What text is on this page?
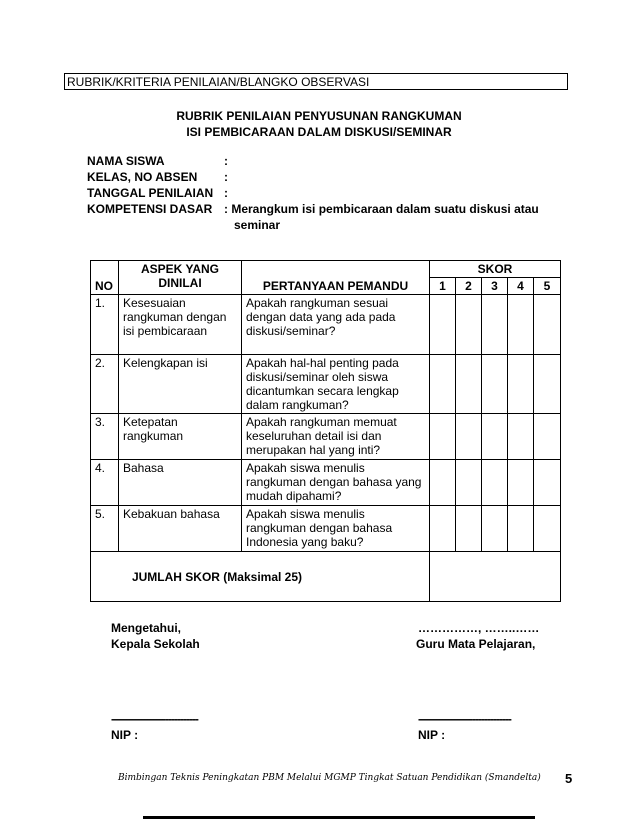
RUBRIK/KRITERIA PENILAIAN/BLANGKO OBSERVASI
RUBRIK PENILAIAN PENYUSUNAN RANGKUMAN
ISI PEMBICARAAN DALAM DISKUSI/SEMINAR
NAMA SISWA	:
KELAS, NO ABSEN :
TANGGAL PENILAIAN :
KOMPETENSI DASAR : Merangkum isi pembicaraan dalam suatu diskusi atau
seminar
NO	ASPEK YANG DINILAI	PERTANYAAN PEMANDU	SKOR				
			1	2	3	4	5
1.	Kesesuaian rangkuman dengan isi pembicaraan	Apakah rangkuman sesuai dengan data yang ada pada diskusi/seminar?					
2.	Kelengkapan isi	Apakah hal-hal penting pada diskusi/seminar oleh siswa dicantumkan secara lengkap dalam rangkuman?					
3.	Ketepatan rangkuman	Apakah rangkuman memuat keseluruhan detail isi dan merupakan hal yang inti?					
4.	Bahasa	Apakah siswa menulis rangkuman dengan bahasa yang mudah dipahami?					
5.	Kebakuan bahasa	Apakah siswa menulis rangkuman dengan bahasa Indonesia yang baku?					
JUMLAH SKOR (Maksimal 25)							
Mengetahui,
Kepala Sekolah
……………, ……..……
Guru Mata Pelajaran,
-----------------------------	-------------------------------
NIP :	NIP :
Bimbingan Teknis Peningkatan PBM Melalui MGMP Tingkat Satuan Pendidikan (Smandelta) 5
